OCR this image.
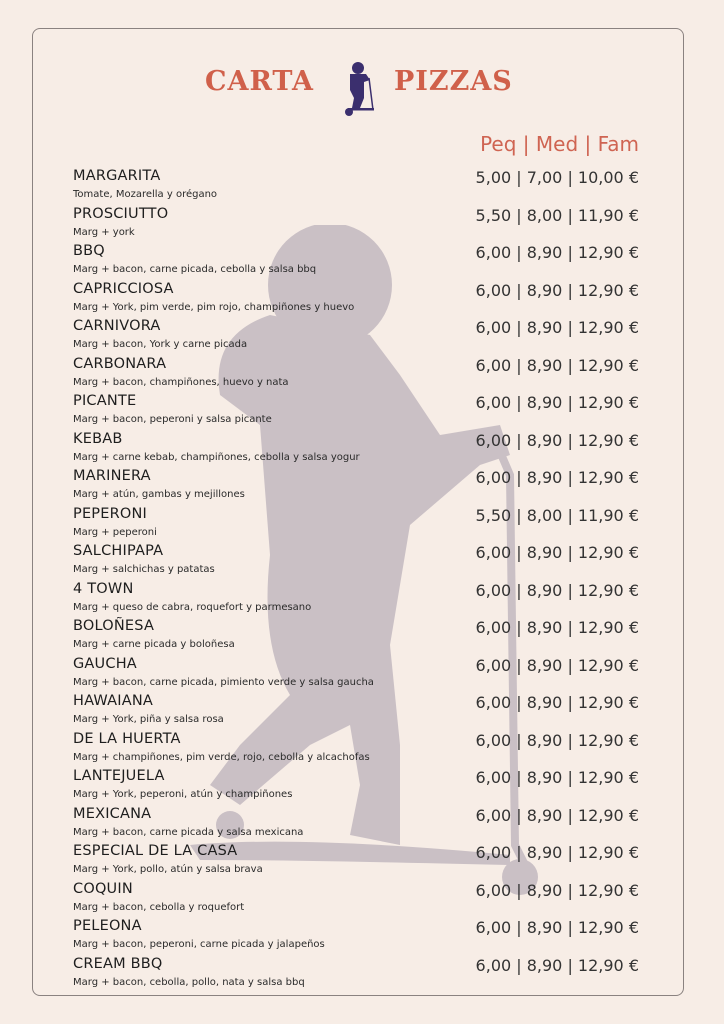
CARTA	PIZZAS
Peq | Med | Fam
MARGARITA
Tomate, Mozarella y orégano
5,00 | 7,00 | 10,00 €
PROSCIUTTO
Marg + york
5,50 | 8,00 | 11,90 €
BBQ
Marg + bacon, carne picada, cebolla y salsa bbq
6,00 | 8,90 | 12,90 €
CAPRICCIOSA
Marg + York, pim verde, pim rojo, champiñones y huevo
6,00 | 8,90 | 12,90 €
CARNIVORA
Marg + bacon, York y carne picada
6,00 | 8,90 | 12,90 €
CARBONARA
Marg + bacon, champiñones, huevo y nata
6,00 | 8,90 | 12,90 €
PICANTE
Marg + bacon, peperoni y salsa picante
6,00 | 8,90 | 12,90 €
KEBAB
Marg + carne kebab, champiñones, cebolla y salsa yogur
6,00 | 8,90 | 12,90 €
MARINERA
Marg + atún, gambas y mejillones
6,00 | 8,90 | 12,90 €
PEPERONI
Marg + peperoni
5,50 | 8,00 | 11,90 €
SALCHIPAPA
Marg + salchichas y patatas
6,00 | 8,90 | 12,90 €
4 TOWN
Marg + queso de cabra, roquefort y parmesano
6,00 | 8,90 | 12,90 €
BOLOÑESA
Marg + carne picada y boloñesa
6,00 | 8,90 | 12,90 €
GAUCHA
Marg + bacon, carne picada, pimiento verde y salsa gaucha
6,00 | 8,90 | 12,90 €
HAWAIANA
Marg + York, piña y salsa rosa
6,00 | 8,90 | 12,90 €
DE LA HUERTA
Marg + champiñones, pim verde, rojo, cebolla y alcachofas
6,00 | 8,90 | 12,90 €
LANTEJUELA
Marg + York, peperoni, atún y champiñones
6,00 | 8,90 | 12,90 €
MEXICANA
Marg + bacon, carne picada y salsa mexicana
6,00 | 8,90 | 12,90 €
ESPECIAL DE LA CASA
Marg + York, pollo, atún y salsa brava
6,00 | 8,90 | 12,90 €
COQUIN
Marg + bacon, cebolla y roquefort
6,00 | 8,90 | 12,90 €
PELEONA
Marg + bacon, peperoni, carne picada y jalapeños
6,00 | 8,90 | 12,90 €
CREAM BBQ
Marg + bacon, cebolla, pollo, nata y salsa bbq
6,00 | 8,90 | 12,90 €
